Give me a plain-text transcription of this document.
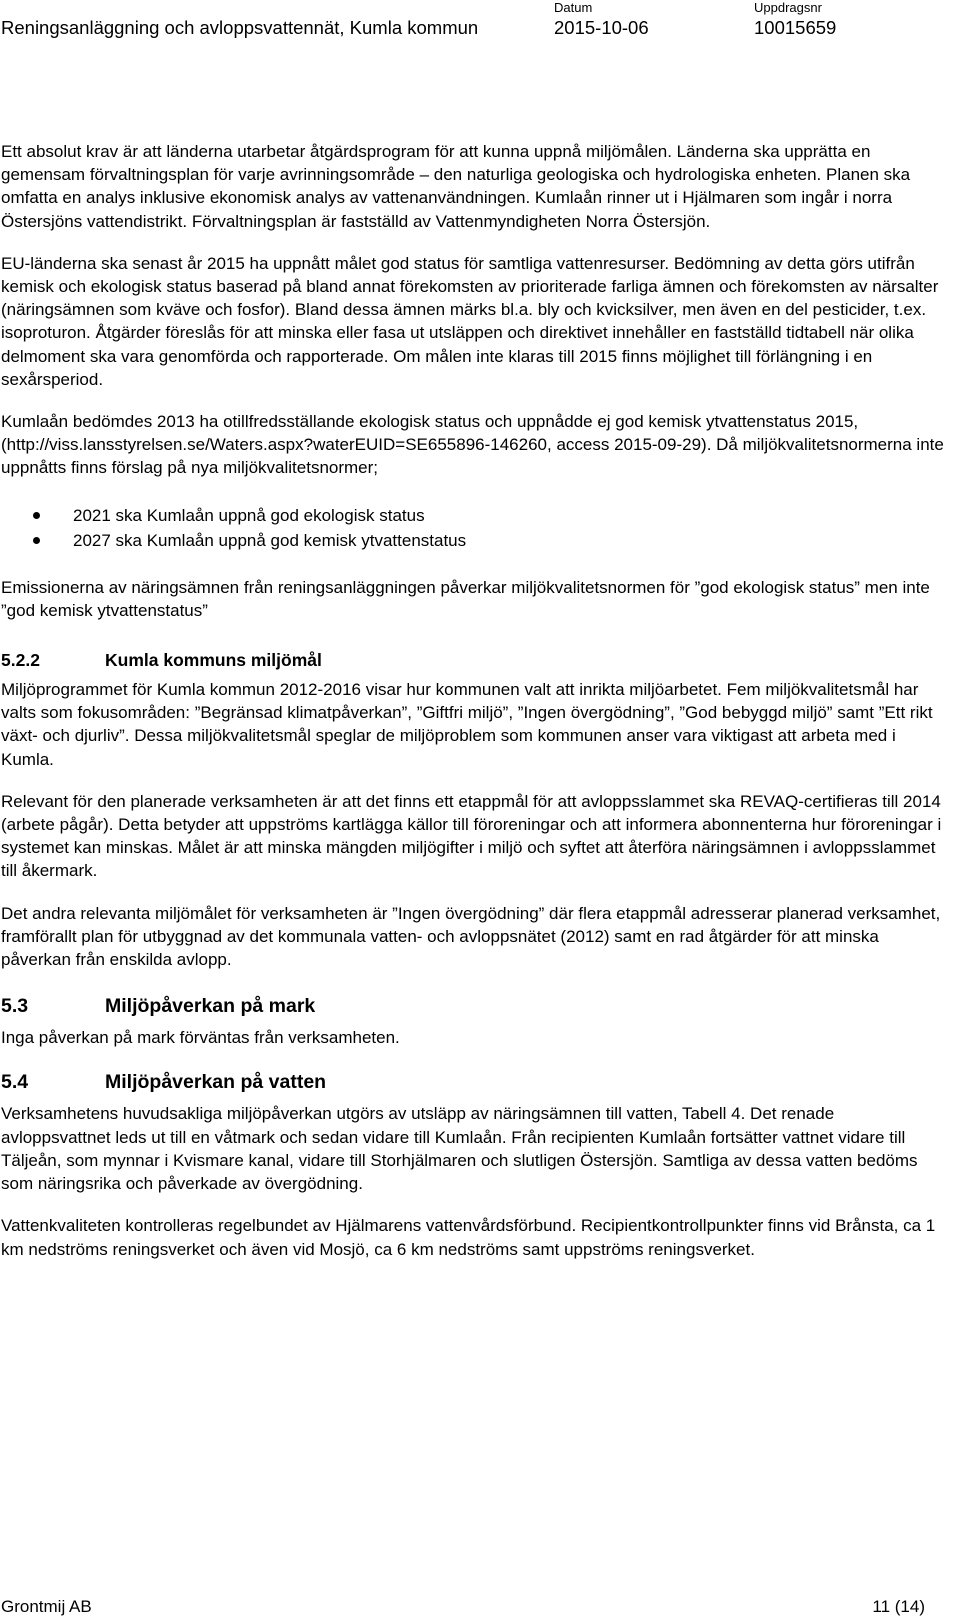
Reningsanläggning och avloppsvattennät, Kumla kommun
Datum
2015-10-06
Uppdragsnr
10015659

Ett absolut krav är att länderna utarbetar åtgärdsprogram för att kunna uppnå miljömålen. Länderna ska upprätta en gemensam förvaltningsplan för varje avrinningsområde – den naturliga geologiska och hydrologiska enheten. Planen ska omfatta en analys inklusive ekonomisk analys av vattenanvändningen. Kumlaån rinner ut i Hjälmaren som ingår i norra Östersjöns vattendistrikt. Förvaltningsplan är fastställd av Vattenmyndigheten Norra Östersjön.

EU-länderna ska senast år 2015 ha uppnått målet god status för samtliga vattenresurser. Bedömning av detta görs utifrån kemisk och ekologisk status baserad på bland annat förekomsten av prioriterade farliga ämnen och förekomsten av närsalter (näringsämnen som kväve och fosfor). Bland dessa ämnen märks bl.a. bly och kvicksilver, men även en del pesticider, t.ex. isoproturon. Åtgärder föreslås för att minska eller fasa ut utsläppen och direktivet innehåller en fastställd tidtabell när olika delmoment ska vara genomförda och rapporterade. Om målen inte klaras till 2015 finns möjlighet till förlängning i en sexårsperiod.

Kumlaån bedömdes 2013 ha otillfredsställande ekologisk status och uppnådde ej god kemisk ytvattenstatus 2015, (http://viss.lansstyrelsen.se/Waters.aspx?waterEUID=SE655896-146260, access 2015-09-29). Då miljökvalitetsnormerna inte uppnåtts finns förslag på nya miljökvalitetsnormer;

2021 ska Kumlaån uppnå god ekologisk status
2027 ska Kumlaån uppnå god kemisk ytvattenstatus

Emissionerna av näringsämnen från reningsanläggningen påverkar miljökvalitetsnormen för ”god ekologisk status” men inte ”god kemisk ytvattenstatus”

5.2.2	Kumla kommuns miljömål

Miljöprogrammet för Kumla kommun 2012-2016 visar hur kommunen valt att inrikta miljöarbetet. Fem miljökvalitetsmål har valts som fokusområden: ”Begränsad klimatpåverkan”, ”Giftfri miljö”, ”Ingen övergödning”, ”God bebyggd miljö” samt ”Ett rikt växt- och djurliv”. Dessa miljökvalitetsmål speglar de miljöproblem som kommunen anser vara viktigast att arbeta med i Kumla.

Relevant för den planerade verksamheten är att det finns ett etappmål för att avloppsslammet ska REVAQ-certifieras till 2014 (arbete pågår). Detta betyder att uppströms kartlägga källor till föroreningar och att informera abonnenterna hur föroreningar i systemet kan minskas. Målet är att minska mängden miljögifter i miljö och syftet att återföra näringsämnen i avloppsslammet till åkermark.

Det andra relevanta miljömålet för verksamheten är ”Ingen övergödning” där flera etappmål adresserar planerad verksamhet, framförallt plan för utbyggnad av det kommunala vatten- och avloppsnätet (2012) samt en rad åtgärder för att minska påverkan från enskilda avlopp.

5.3	Miljöpåverkan på mark

Inga påverkan på mark förväntas från verksamheten.

5.4	Miljöpåverkan på vatten

Verksamhetens huvudsakliga miljöpåverkan utgörs av utsläpp av näringsämnen till vatten, Tabell 4. Det renade avloppsvattnet leds ut till en våtmark och sedan vidare till Kumlaån. Från recipienten Kumlaån fortsätter vattnet vidare till Täljeån, som mynnar i Kvismare kanal, vidare till Storhjälmaren och slutligen Östersjön. Samtliga av dessa vatten bedöms som näringsrika och påverkade av övergödning.

Vattenkvaliteten kontrolleras regelbundet av Hjälmarens vattenvårdsförbund. Recipientkontrollpunkter finns vid Brånsta, ca 1 km nedströms reningsverket och även vid Mosjö, ca 6 km nedströms samt uppströms reningsverket.

Grontmij AB	11 (14)
